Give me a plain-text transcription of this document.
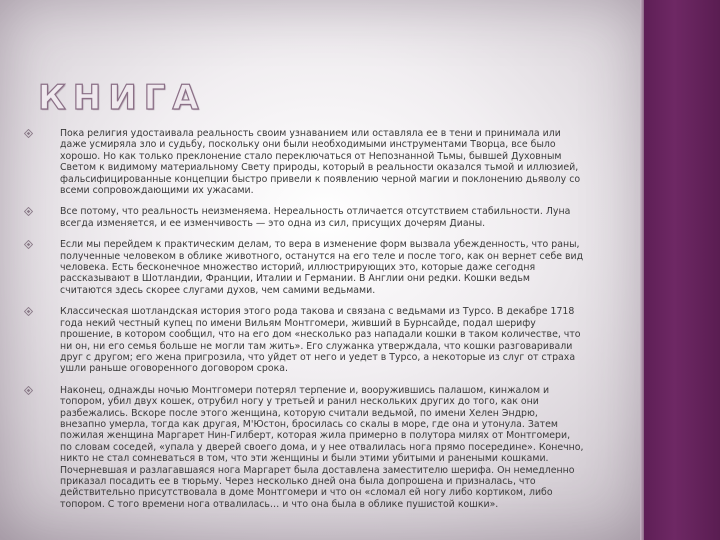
КНИГА
Пока религия удостаивала реальность своим узнаванием или оставляла ее в тени и принимала или даже усмиряла зло и судьбу, поскольку они были необходимыми инструментами Творца, все было хорошо. Но как только преклонение стало переключаться от Непознанной Тьмы, бывшей Духовным Светом к видимому материальному Свету природы, который в реальности оказался тьмой и иллюзией, фальсифицированные концепции быстро привели к появлению черной магии и поклонению дьяволу со всеми сопровождающими их ужасами.
Все потому, что реальность неизменяема. Нереальность отличается отсутствием стабильности. Луна всегда изменяется, и ее изменчивость — это одна из сил, присущих дочерям Дианы.
Если мы перейдем к практическим делам, то вера в изменение форм вызвала убежденность, что раны, полученные человеком в облике животного, останутся на его теле и после того, как он вернет себе вид человека. Есть бесконечное множество историй, иллюстрирующих это, которые даже сегодня рассказывают в Шотландии, Франции, Италии и Германии. В Англии они редки. Кошки ведьм считаются здесь скорее слугами духов, чем самими ведьмами.
Классическая шотландская история этого рода такова и связана с ведьмами из Турсо. В декабре 1718 года некий честный купец по имени Вильям Монтгомери, живший в Бурнсайде, подал шерифу прошение, в котором сообщил, что на его дом «несколько раз нападали кошки в таком количестве, что ни он, ни его семья больше не могли там жить». Его служанка утверждала, что кошки разговаривали друг с другом; его жена пригрозила, что уйдет от него и уедет в Турсо, а некоторые из слуг от страха ушли раньше оговоренного договором срока.
Наконец, однажды ночью Монтгомери потерял терпение и, вооружившись палашом, кинжалом и топором, убил двух кошек, отрубил ногу у третьей и ранил нескольких других до того, как они разбежались. Вскоре после этого женщина, которую считали ведьмой, по имени Хелен Эндрю, внезапно умерла, тогда как другая, М'Юстон, бросилась со скалы в море, где она и утонула. Затем пожилая женщина Маргарет Нин-Гилберт, которая жила примерно в полутора милях от Монтгомери, по словам соседей, «упала у дверей своего дома, и у нее отвалилась нога прямо посередине». Конечно, никто не стал сомневаться в том, что эти женщины и были этими убитыми и ранеными кошками. Почерневшая и разлагавшаяся нога Маргарет была доставлена заместителю шерифа. Он немедленно приказал посадить ее в тюрьму. Через несколько дней она была допрошена и призналась, что действительно присутствовала в доме Монтгомери и что он «сломал ей ногу либо кортиком, либо топором. С того времени нога отвалилась… и что она была в облике пушистой кошки».
